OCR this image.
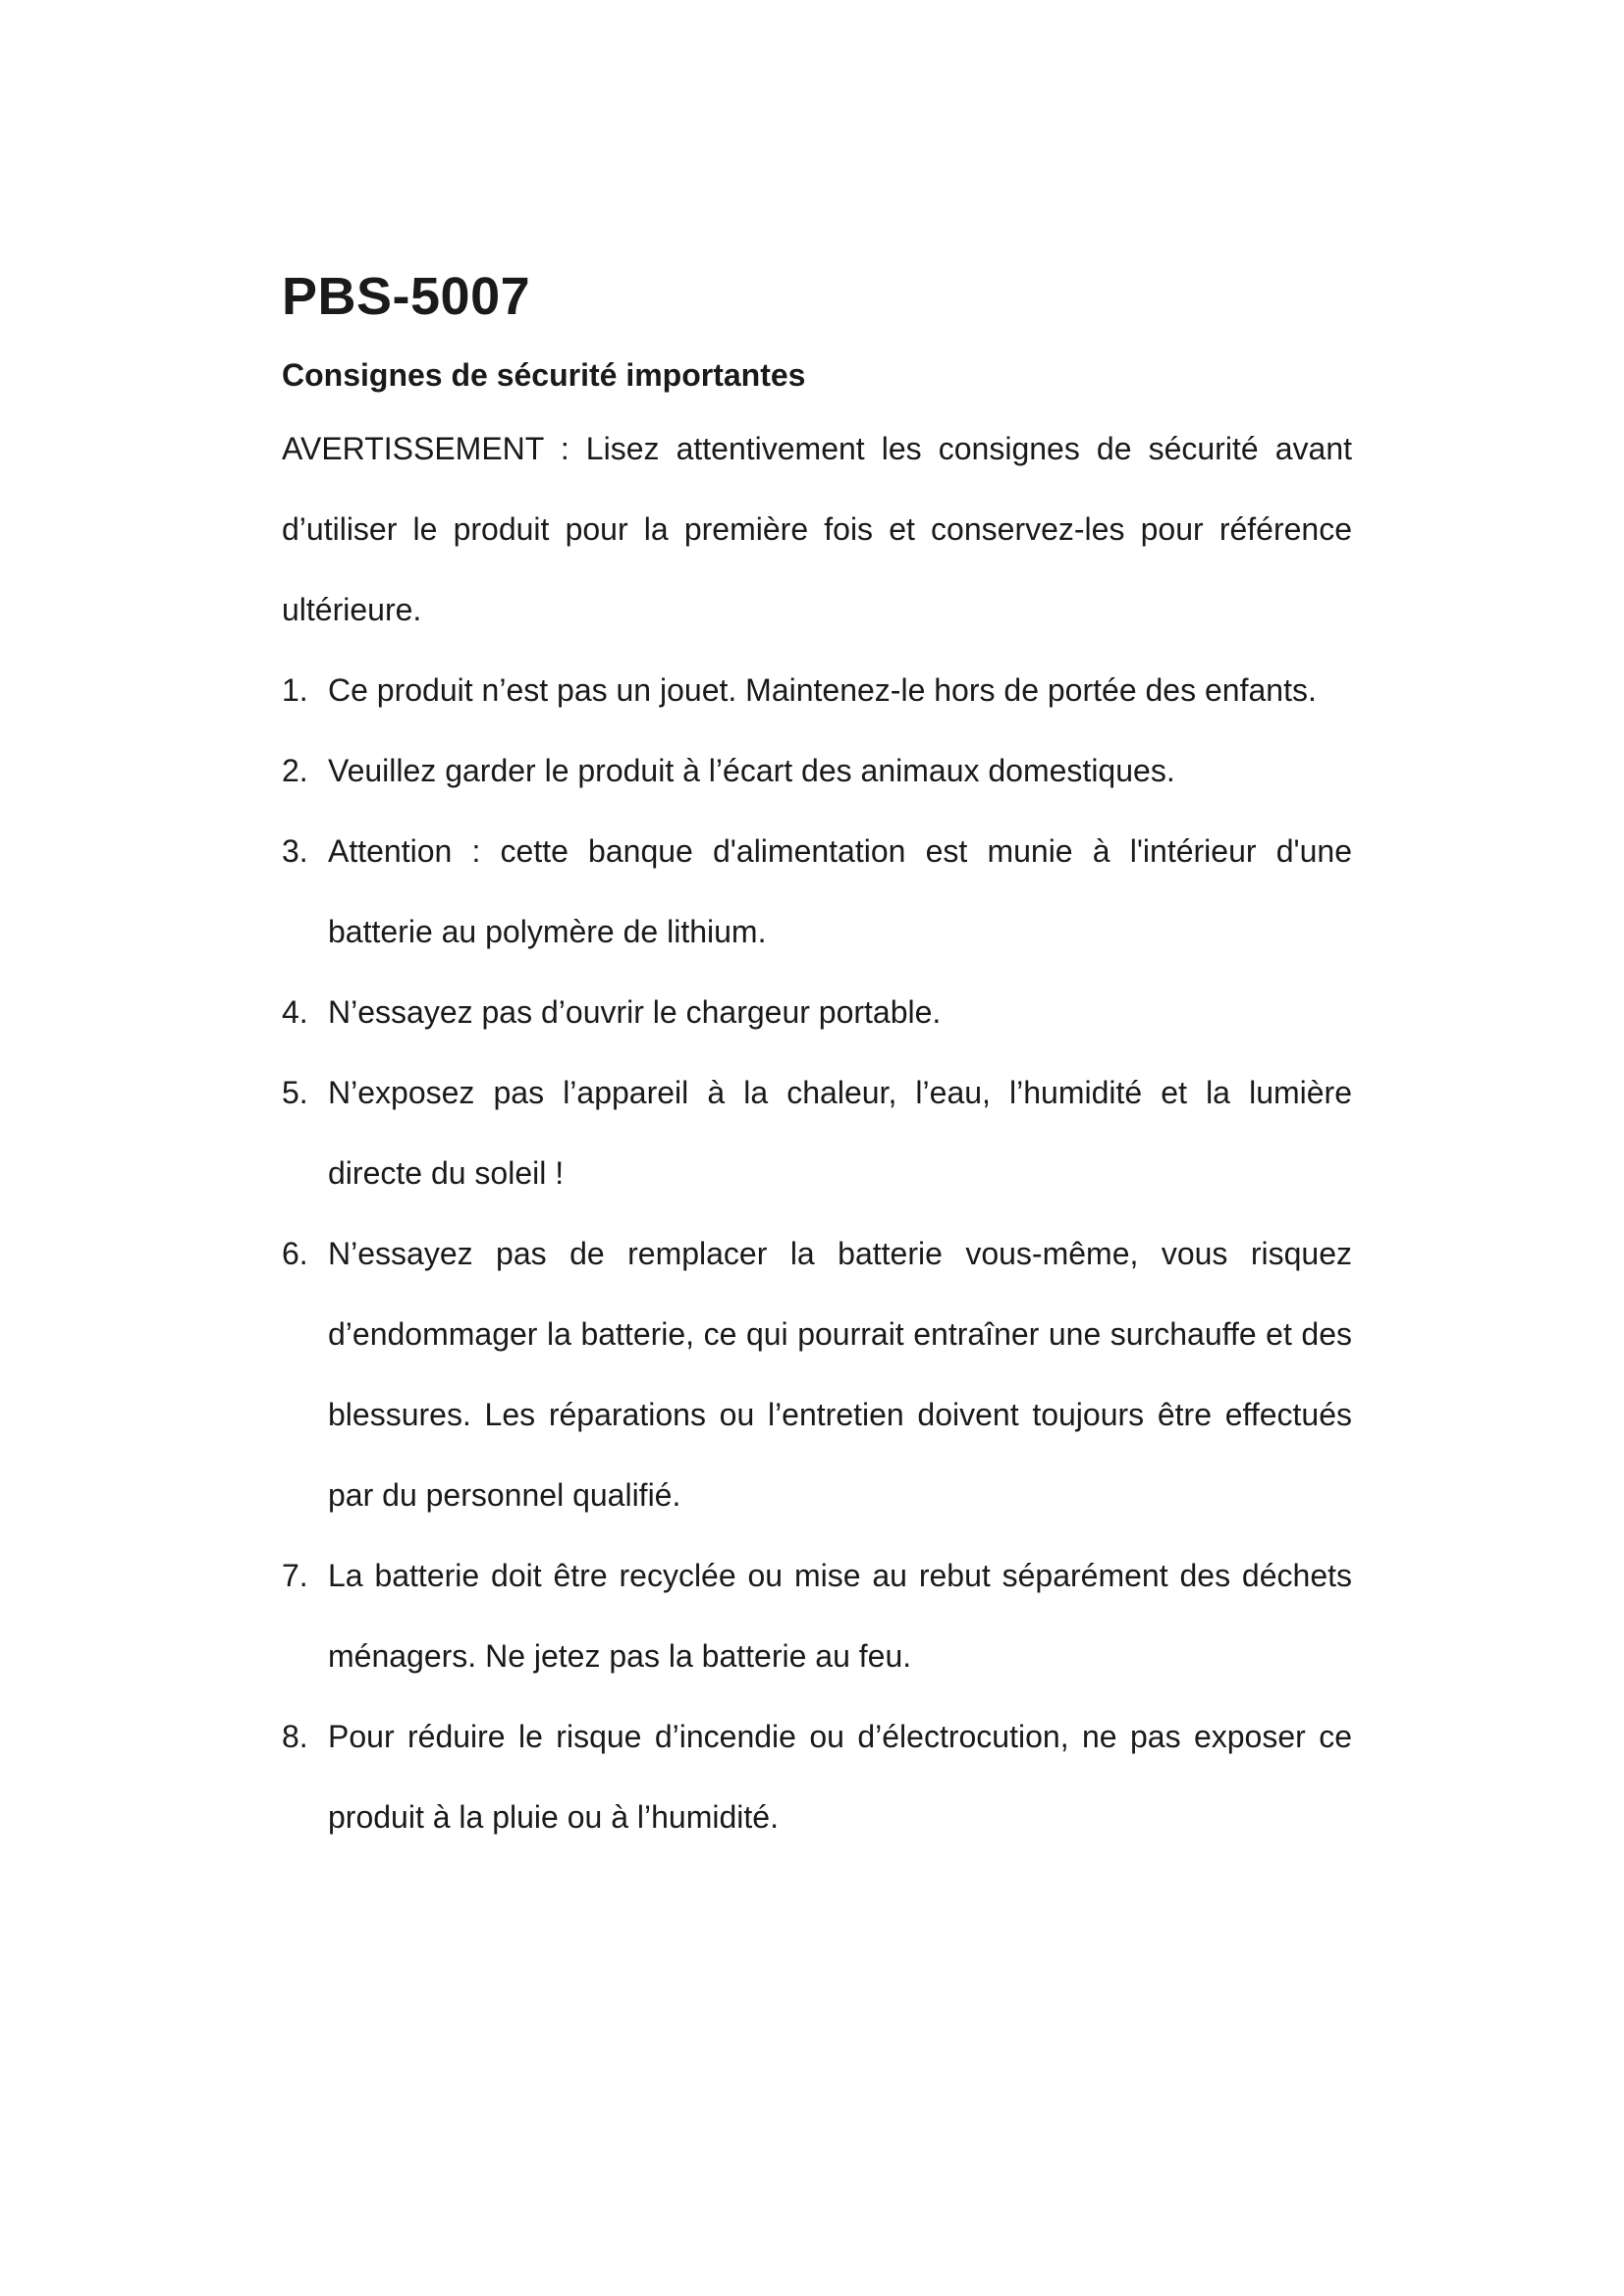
PBS-5007
Consignes de sécurité importantes

AVERTISSEMENT : Lisez attentivement les consignes de sécurité avant d’utiliser le produit pour la première fois et conservez-les pour référence ultérieure.

1. Ce produit n’est pas un jouet. Maintenez-le hors de portée des enfants.
2. Veuillez garder le produit à l’écart des animaux domestiques.
3. Attention : cette banque d'alimentation est munie à l'intérieur d'une batterie au polymère de lithium.
4. N’essayez pas d’ouvrir le chargeur portable.
5. N’exposez pas l’appareil à la chaleur, l’eau, l’humidité et la lumière directe du soleil !
6. N’essayez pas de remplacer la batterie vous-même, vous risquez d’endommager la batterie, ce qui pourrait entraîner une surchauffe et des blessures. Les réparations ou l’entretien doivent toujours être effectués par du personnel qualifié.
7. La batterie doit être recyclée ou mise au rebut séparément des déchets ménagers. Ne jetez pas la batterie au feu.
8. Pour réduire le risque d’incendie ou d’électrocution, ne pas exposer ce produit à la pluie ou à l’humidité.
